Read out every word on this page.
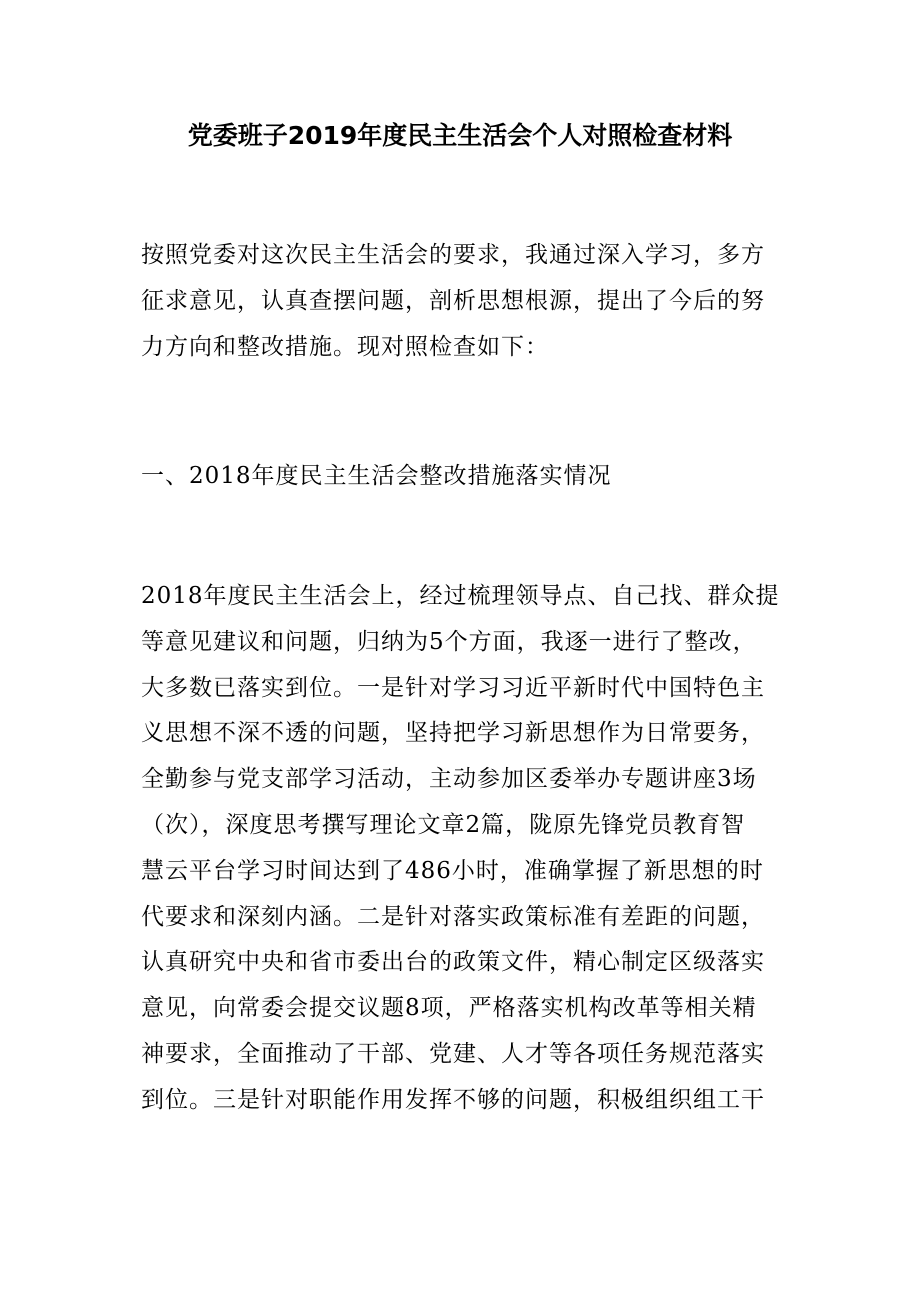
党委班子2019年度民主生活会个人对照检查材料
按照党委对这次民主生活会的要求，我通过深入学习，多方
征求意见，认真查摆问题，剖析思想根源，提出了今后的努
力方向和整改措施。现对照检查如下：
一、2018年度民主生活会整改措施落实情况
2018年度民主生活会上，经过梳理领导点、自己找、群众提
等意见建议和问题，归纳为5个方面，我逐一进行了整改，
大多数已落实到位。一是针对学习习近平新时代中国特色主
义思想不深不透的问题，坚持把学习新思想作为日常要务，
全勤参与党支部学习活动，主动参加区委举办专题讲座3场
（次），深度思考撰写理论文章2篇，陇原先锋党员教育智
慧云平台学习时间达到了486小时，准确掌握了新思想的时
代要求和深刻内涵。二是针对落实政策标准有差距的问题，
认真研究中央和省市委出台的政策文件，精心制定区级落实
意见，向常委会提交议题8项，严格落实机构改革等相关精
神要求，全面推动了干部、党建、人才等各项任务规范落实
到位。三是针对职能作用发挥不够的问题，积极组织组工干
